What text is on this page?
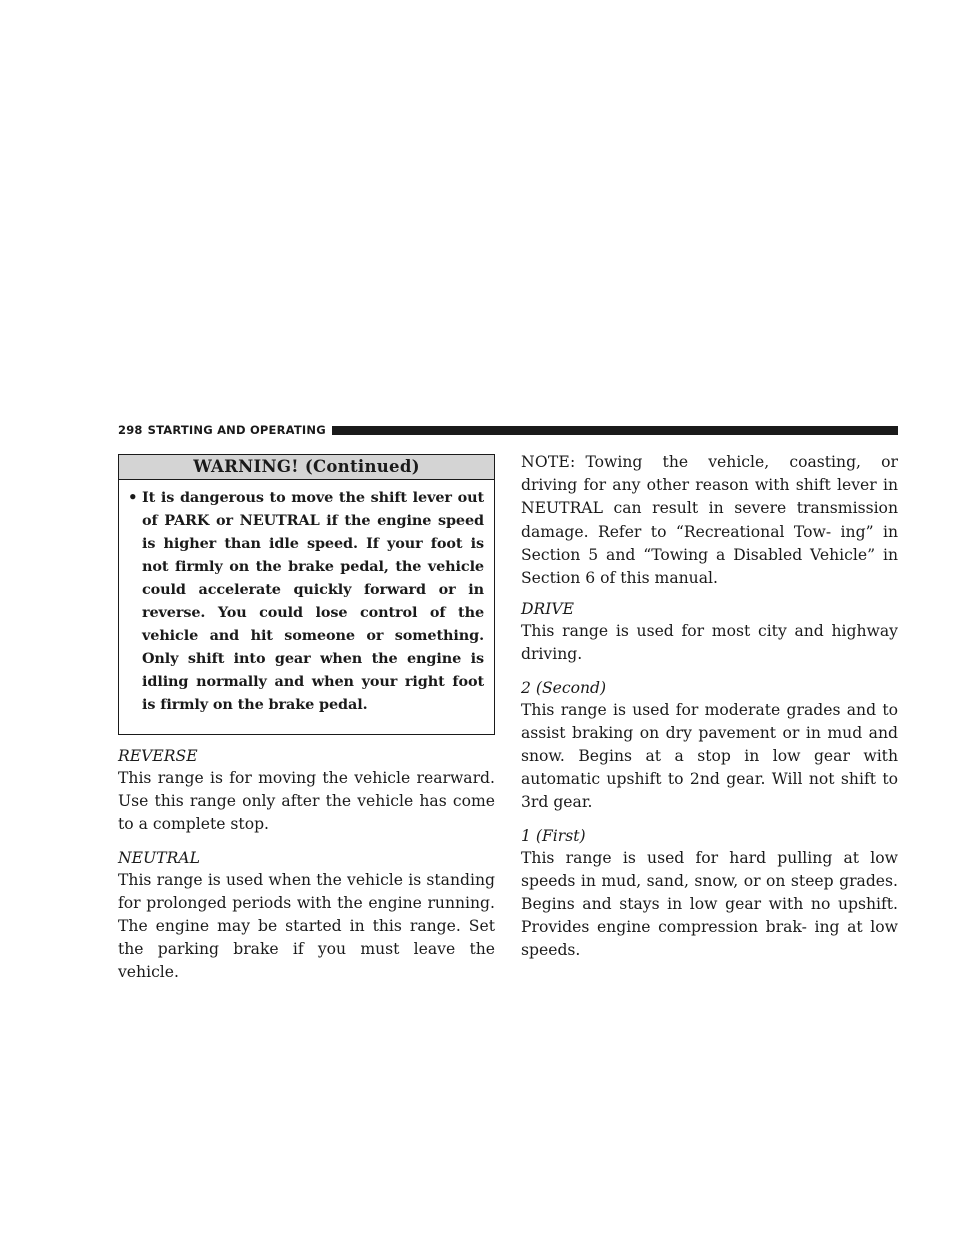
298 STARTING AND OPERATING
WARNING! (Continued)
• It is dangerous to move the shift lever out of PARK or NEUTRAL if the engine speed is higher than idle speed. If your foot is not firmly on the brake pedal, the vehicle could accelerate quickly forward or in reverse. You could lose control of the vehicle and hit someone or something. Only shift into gear when the engine is idling normally and when your right foot is firmly on the brake pedal.
REVERSE

This range is for moving the vehicle rearward. Use this range only after the vehicle has come to a complete stop.

NEUTRAL

This range is used when the vehicle is standing for prolonged periods with the engine running. The engine may be started in this range. Set the parking brake if you must leave the vehicle.

NOTE: Towing the vehicle, coasting, or driving for any other reason with shift lever in NEUTRAL can result in severe transmission damage. Refer to “Recreational Tow- ing” in Section 5 and “Towing a Disabled Vehicle” in Section 6 of this manual.

DRIVE

This range is used for most city and highway driving.

2 (Second)

This range is used for moderate grades and to assist braking on dry pavement or in mud and snow. Begins at a stop in low gear with automatic upshift to 2nd gear. Will not shift to 3rd gear.

1 (First)

This range is used for hard pulling at low speeds in mud, sand, snow, or on steep grades. Begins and stays in low gear with no upshift. Provides engine compression brak- ing at low speeds.
